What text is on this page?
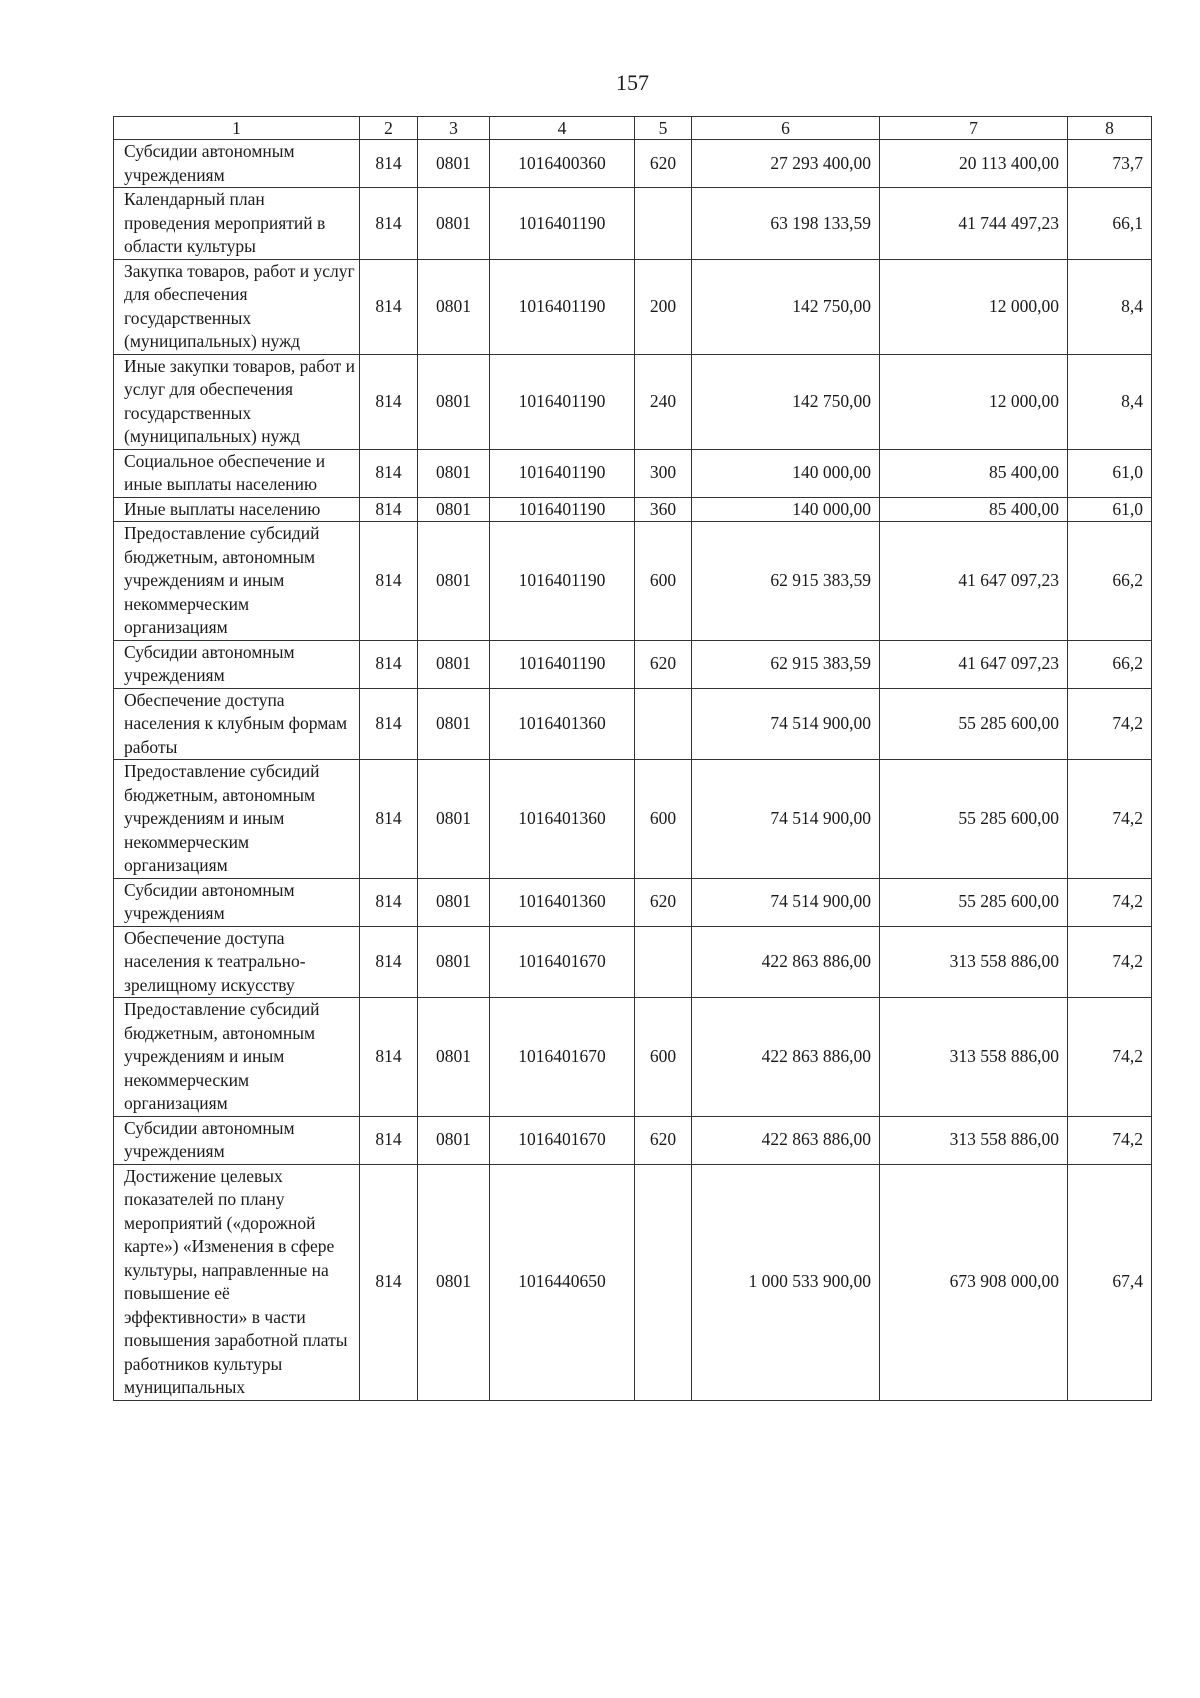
157
1	2	3	4	5	6	7	8
Субсидии автономным учреждениям	814	0801	1016400360	620	27 293 400,00	20 113 400,00	73,7
Календарный план проведения мероприятий в области культуры	814	0801	1016401190		63 198 133,59	41 744 497,23	66,1
Закупка товаров, работ и услуг для обеспечения государственных (муниципальных) нужд	814	0801	1016401190	200	142 750,00	12 000,00	8,4
Иные закупки товаров, работ и услуг для обеспечения государственных (муниципальных) нужд	814	0801	1016401190	240	142 750,00	12 000,00	8,4
Социальное обеспечение и иные выплаты населению	814	0801	1016401190	300	140 000,00	85 400,00	61,0
Иные выплаты населению	814	0801	1016401190	360	140 000,00	85 400,00	61,0
Предоставление субсидий бюджетным, автономным учреждениям и иным некоммерческим организациям	814	0801	1016401190	600	62 915 383,59	41 647 097,23	66,2
Субсидии автономным учреждениям	814	0801	1016401190	620	62 915 383,59	41 647 097,23	66,2
Обеспечение доступа населения к клубным формам работы	814	0801	1016401360		74 514 900,00	55 285 600,00	74,2
Предоставление субсидий бюджетным, автономным учреждениям и иным некоммерческим организациям	814	0801	1016401360	600	74 514 900,00	55 285 600,00	74,2
Субсидии автономным учреждениям	814	0801	1016401360	620	74 514 900,00	55 285 600,00	74,2
Обеспечение доступа населения к театрально-зрелищному искусству	814	0801	1016401670		422 863 886,00	313 558 886,00	74,2
Предоставление субсидий бюджетным, автономным учреждениям и иным некоммерческим организациям	814	0801	1016401670	600	422 863 886,00	313 558 886,00	74,2
Субсидии автономным учреждениям	814	0801	1016401670	620	422 863 886,00	313 558 886,00	74,2
Достижение целевых показателей по плану мероприятий («дорожной карте») «Изменения в сфере культуры, направленные на повышение её эффективности» в части повышения заработной платы работников культуры муниципальных	814	0801	1016440650		1 000 533 900,00	673 908 000,00	67,4
